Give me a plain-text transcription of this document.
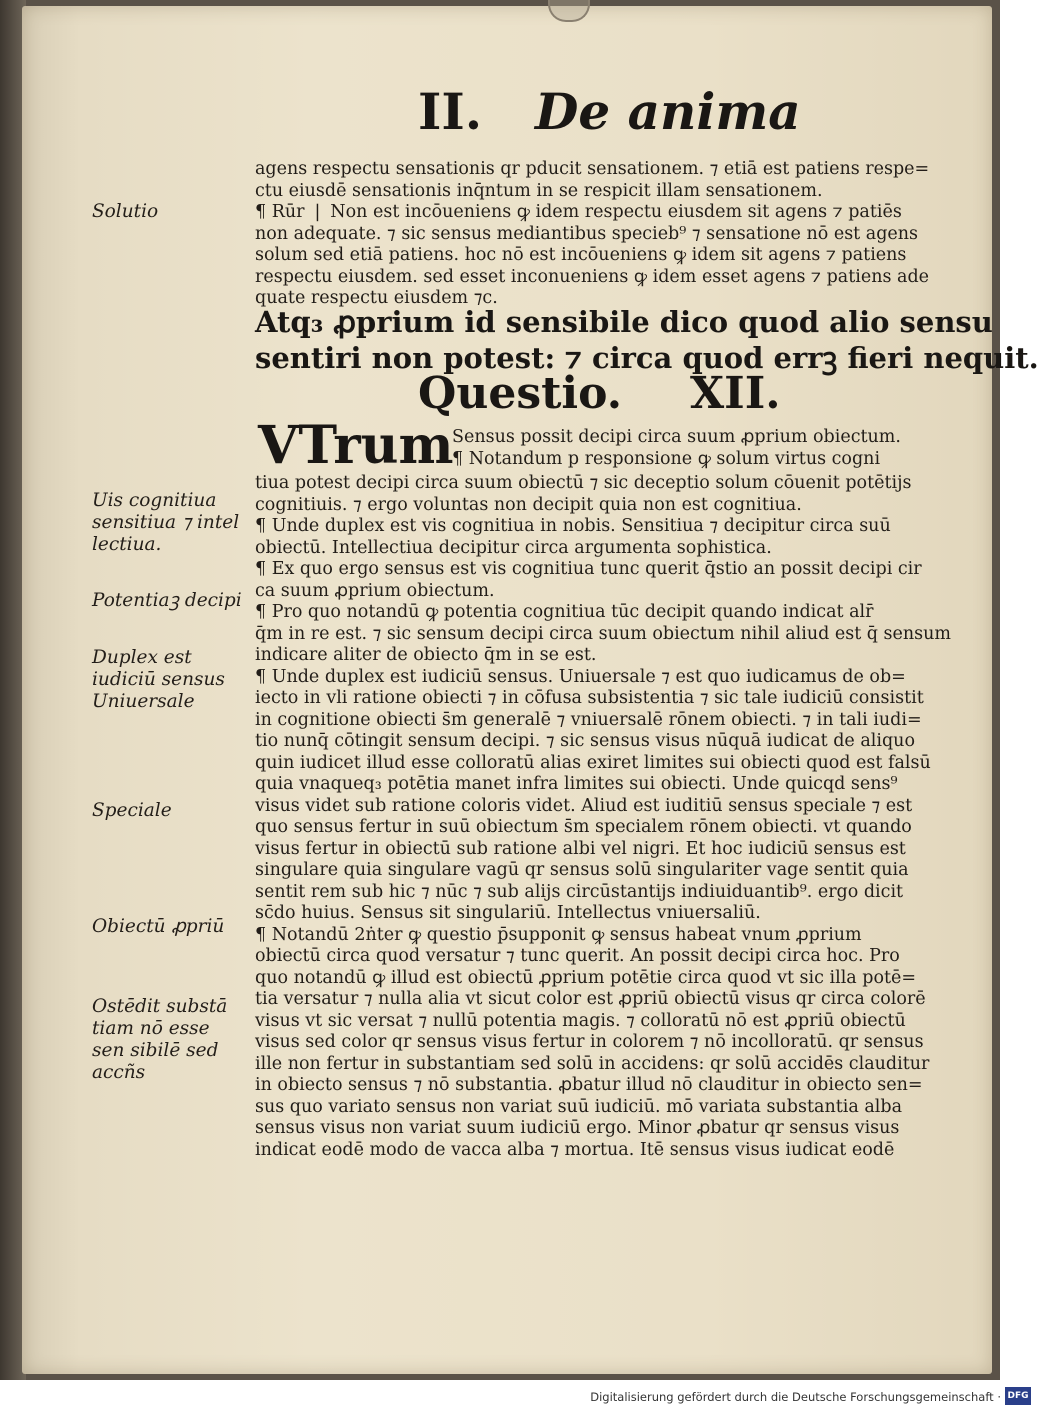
II. De anima
agens respectu sensationis qr pducit sensationem. ⁊ etiā est patiens respe=
ctu eiusdē sensationis inq̄ntum in se respicit illam sensationem.
¶ Rūr ❘ Non est incōueniens ꝙ idem respectu eiusdem sit agens ⁊ patiēs
non adequate. ⁊ sic sensus mediantibus specieb⁹ ⁊ sensatione nō est agens
solum sed etiā patiens. hoc nō est incōueniens ꝙ idem sit agens ⁊ patiens
respectu eiusdem. sed esset inconueniens ꝙ idem esset agens ⁊ patiens ade
quate respectu eiusdem ⁊c.
Atq₃ ꝓprium id sensibile dico quod alio sensu
sentiri non potest: ⁊ circa quod errꝫ fieri nequit.
Questio. XII.
VTrum
Sensus possit decipi circa suum ꝓprium obiectum.
¶ Notandum p responsione ꝙ solum virtus cogni
tiua potest decipi circa suum obiectū ⁊ sic deceptio solum cōuenit potētijs
cognitiuis. ⁊ ergo voluntas non decipit quia non est cognitiua.
¶ Unde duplex est vis cognitiua in nobis. Sensitiua ⁊ decipitur circa suū
obiectū. Intellectiua decipitur circa argumenta sophistica.
¶ Ex quo ergo sensus est vis cognitiua tunc querit q̄stio an possit decipi cir
ca suum ꝓprium obiectum.
¶ Pro quo notandū ꝙ potentia cognitiua tūc decipit quando indicat alr̄
q̄m in re est. ⁊ sic sensum decipi circa suum obiectum nihil aliud est q̄ sensum
indicare aliter de obiecto q̄m in se est.
¶ Unde duplex est iudiciū sensus. Uniuersale ⁊ est quo iudicamus de ob=
iecto in vli ratione obiecti ⁊ in cōfusa subsistentia ⁊ sic tale iudiciū consistit
in cognitione obiecti s̄m generalē ⁊ vniuersalē rōnem obiecti. ⁊ in tali iudi=
tio nunq̄ cōtingit sensum decipi. ⁊ sic sensus visus nūquā iudicat de aliquo
quin iudicet illud esse colloratū alias exiret limites sui obiecti quod est falsū
quia vnaqueq₃ potētia manet infra limites sui obiecti. Unde quicqd sens⁹
visus videt sub ratione coloris videt. Aliud est iuditiū sensus speciale ⁊ est
quo sensus fertur in suū obiectum s̄m specialem rōnem obiecti. vt quando
visus fertur in obiectū sub ratione albi vel nigri. Et hoc iudiciū sensus est
singulare quia singulare vagū qr sensus solū singulariter vage sentit quia
sentit rem sub hic ⁊ nūc ⁊ sub alijs circūstantijs indiuiduantib⁹. ergo dicit
sc̄do huius. Sensus sit singulariū. Intellectus vniuersaliū.
¶ Notandū 2ṅter ꝙ questio p̄supponit ꝙ sensus habeat vnum ꝓprium
obiectū circa quod versatur ⁊ tunc querit. An possit decipi circa hoc. Pro
quo notandū ꝙ illud est obiectū ꝓprium potētie circa quod vt sic illa potē=
tia versatur ⁊ nulla alia vt sicut color est ꝓpriū obiectū visus qr circa colorē
visus vt sic versat ⁊ nullū potentia magis. ⁊ colloratū nō est ꝓpriū obiectū
visus sed color qr sensus visus fertur in colorem ⁊ nō incolloratū. qr sensus
ille non fertur in substantiam sed solū in accidens: qr solū accidēs clauditur
in obiecto sensus ⁊ nō substantia. ꝓbatur illud nō clauditur in obiecto sen=
sus quo variato sensus non variat suū iudiciū. mō variata substantia alba
sensus visus non variat suum iudiciū ergo. Minor ꝓbatur qr sensus visus
indicat eodē modo de vacca alba ⁊ mortua. Itē sensus visus iudicat eodē
Solutio
Uis cognitiua sensitiua ⁊ intel lectiua.
Potentiaꝫ decipi
Duplex est iudiciū sensus Uniuersale
Speciale
Obiectū ꝓpriū
Ostēdit substā tiam nō esse sen sibilē sed accñs
Digitalisierung gefördert durch die Deutsche Forschungsgemeinschaft · DFG
